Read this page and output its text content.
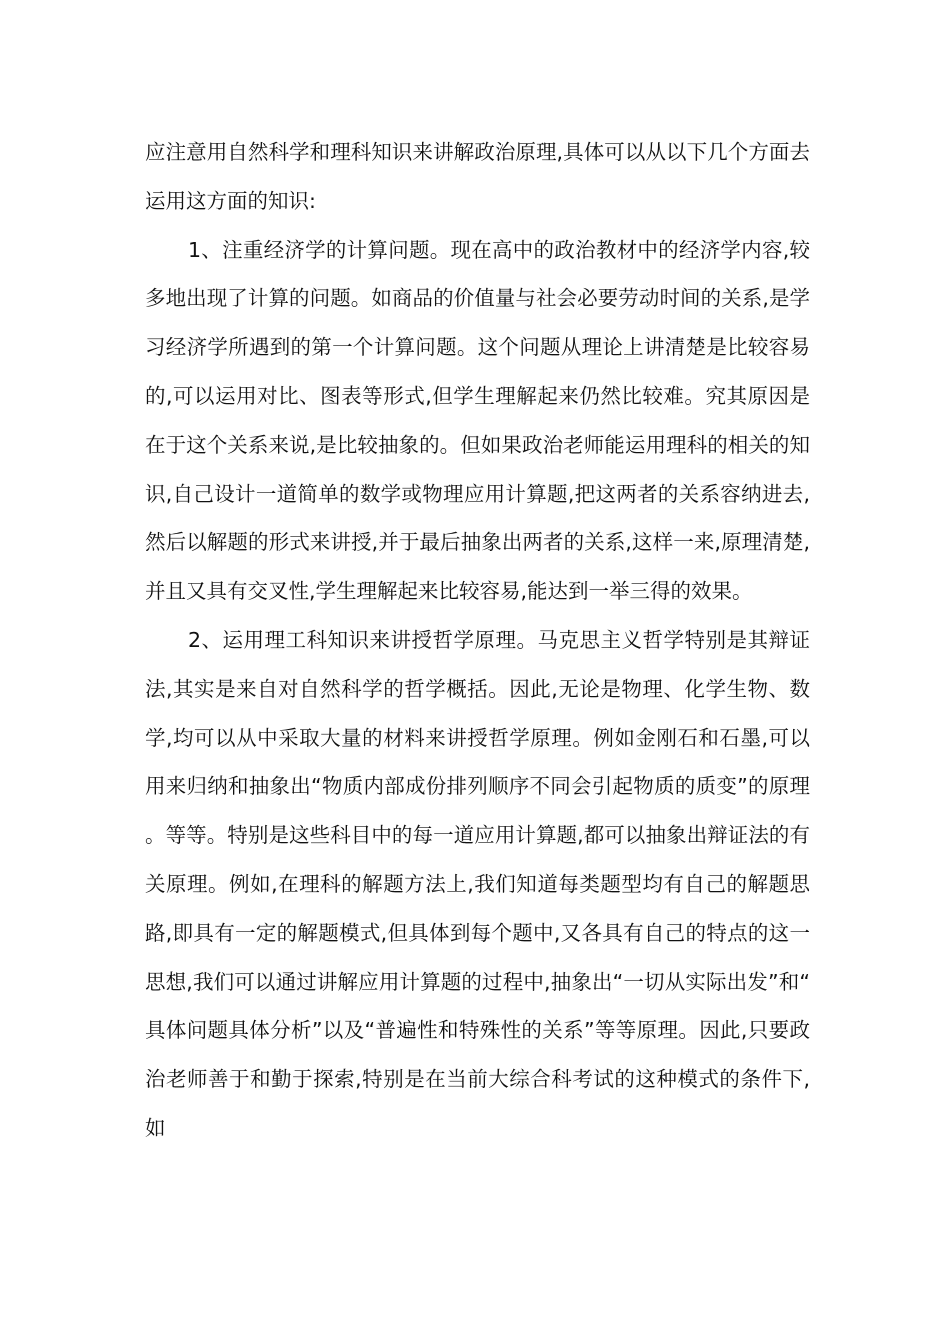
应注意用自然科学和理科知识来讲解政治原理,具体可以从以下几个方面去运用这方面的知识:

1、注重经济学的计算问题。现在高中的政治教材中的经济学内容,较多地出现了计算的问题。如商品的价值量与社会必要劳动时间的关系,是学习经济学所遇到的第一个计算问题。这个问题从理论上讲清楚是比较容易的,可以运用对比、图表等形式,但学生理解起来仍然比较难。究其原因是在于这个关系来说,是比较抽象的。但如果政治老师能运用理科的相关的知识,自己设计一道简单的数学或物理应用计算题,把这两者的关系容纳进去,然后以解题的形式来讲授,并于最后抽象出两者的关系,这样一来,原理清楚,并且又具有交叉性,学生理解起来比较容易,能达到一举三得的效果。

2、运用理工科知识来讲授哲学原理。马克思主义哲学特别是其辩证法,其实是来自对自然科学的哲学概括。因此,无论是物理、化学生物、数学,均可以从中采取大量的材料来讲授哲学原理。例如金刚石和石墨,可以用来归纳和抽象出“物质内部成份排列顺序不同会引起物质的质变”的原理。等等。特别是这些科目中的每一道应用计算题,都可以抽象出辩证法的有关原理。例如,在理科的解题方法上,我们知道每类题型均有自己的解题思路,即具有一定的解题模式,但具体到每个题中,又各具有自己的特点的这一思想,我们可以通过讲解应用计算题的过程中,抽象出“一切从实际出发”和“具体问题具体分析”以及“普遍性和特殊性的关系”等等原理。因此,只要政治老师善于和勤于探索,特别是在当前大综合科考试的这种模式的条件下,如
